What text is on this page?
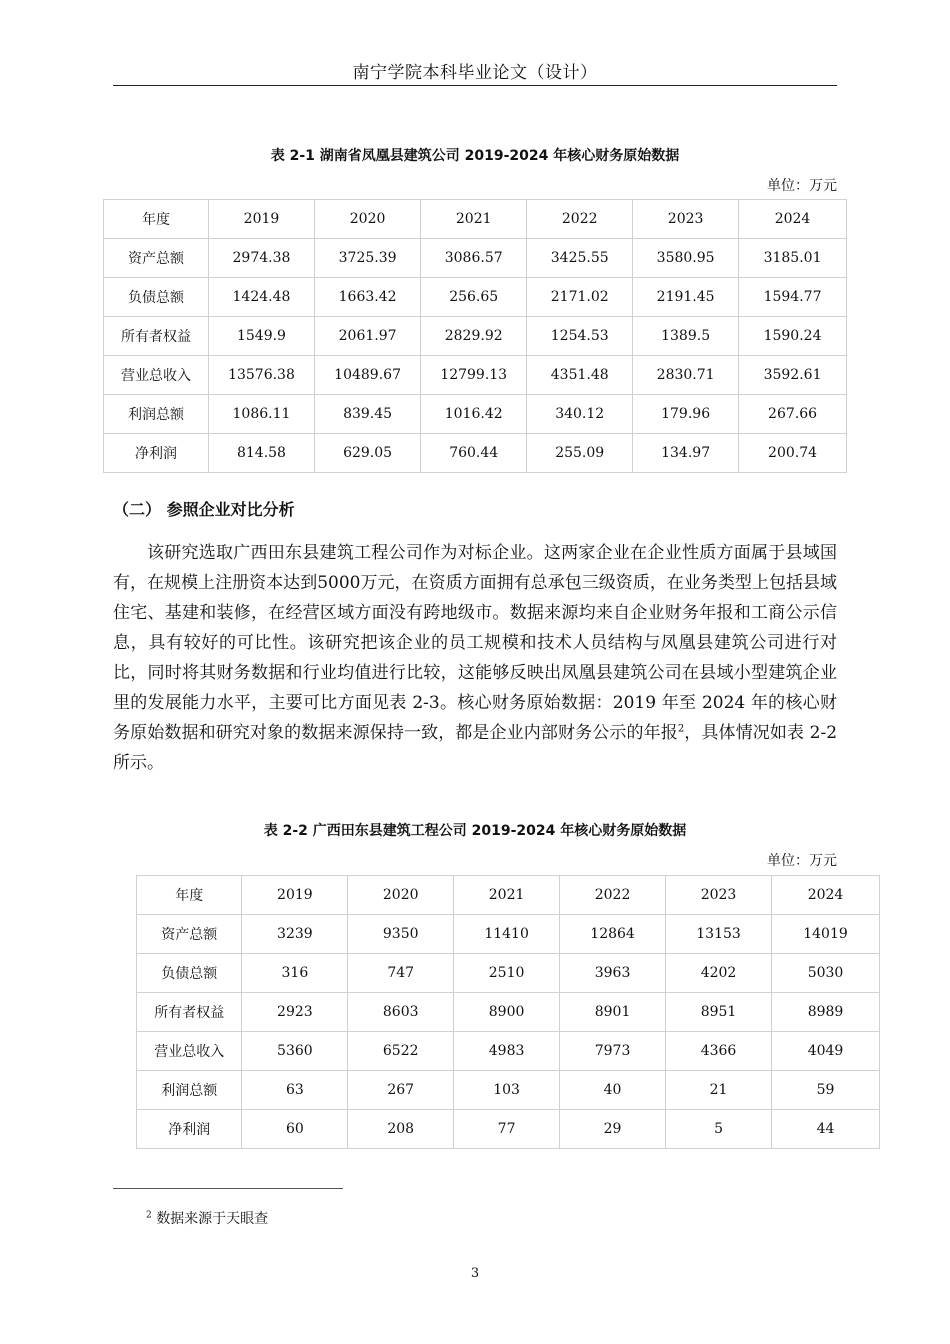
南宁学院本科毕业论文（设计）
表 2-1 湖南省凤凰县建筑公司 2019-2024 年核心财务原始数据
单位：万元
年度	2019	2020	2021	2022	2023	2024
资产总额	2974.38	3725.39	3086.57	3425.55	3580.95	3185.01
负债总额	1424.48	1663.42	256.65	2171.02	2191.45	1594.77
所有者权益	1549.9	2061.97	2829.92	1254.53	1389.5	1590.24
营业总收入	13576.38	10489.67	12799.13	4351.48	2830.71	3592.61
利润总额	1086.11	839.45	1016.42	340.12	179.96	267.66
净利润	814.58	629.05	760.44	255.09	134.97	200.74
（二） 参照企业对比分析
该研究选取广西田东县建筑工程公司作为对标企业。这两家企业在企业性质方面属于县域国有，在规模上注册资本达到5000万元，在资质方面拥有总承包三级资质，在业务类型上包括县域住宅、基建和装修，在经营区域方面没有跨地级市。数据来源均来自企业财务年报和工商公示信息，具有较好的可比性。该研究把该企业的员工规模和技术人员结构与凤凰县建筑公司进行对比，同时将其财务数据和行业均值进行比较，这能够反映出凤凰县建筑公司在县域小型建筑企业里的发展能力水平，主要可比方面见表 2-3。核心财务原始数据：2019 年至 2024 年的核心财务原始数据和研究对象的数据来源保持一致，都是企业内部财务公示的年报$^2$，具体情况如表 2-2 所示。
表 2-2 广西田东县建筑工程公司 2019-2024 年核心财务原始数据
单位：万元
年度	2019	2020	2021	2022	2023	2024
资产总额	3239	9350	11410	12864	13153	14019
负债总额	316	747	2510	3963	4202	5030
所有者权益	2923	8603	8900	8901	8951	8989
营业总收入	5360	6522	4983	7973	4366	4049
利润总额	63	267	103	40	21	59
净利润	60	208	77	29	5	44
$^2$ 数据来源于天眼查
3
